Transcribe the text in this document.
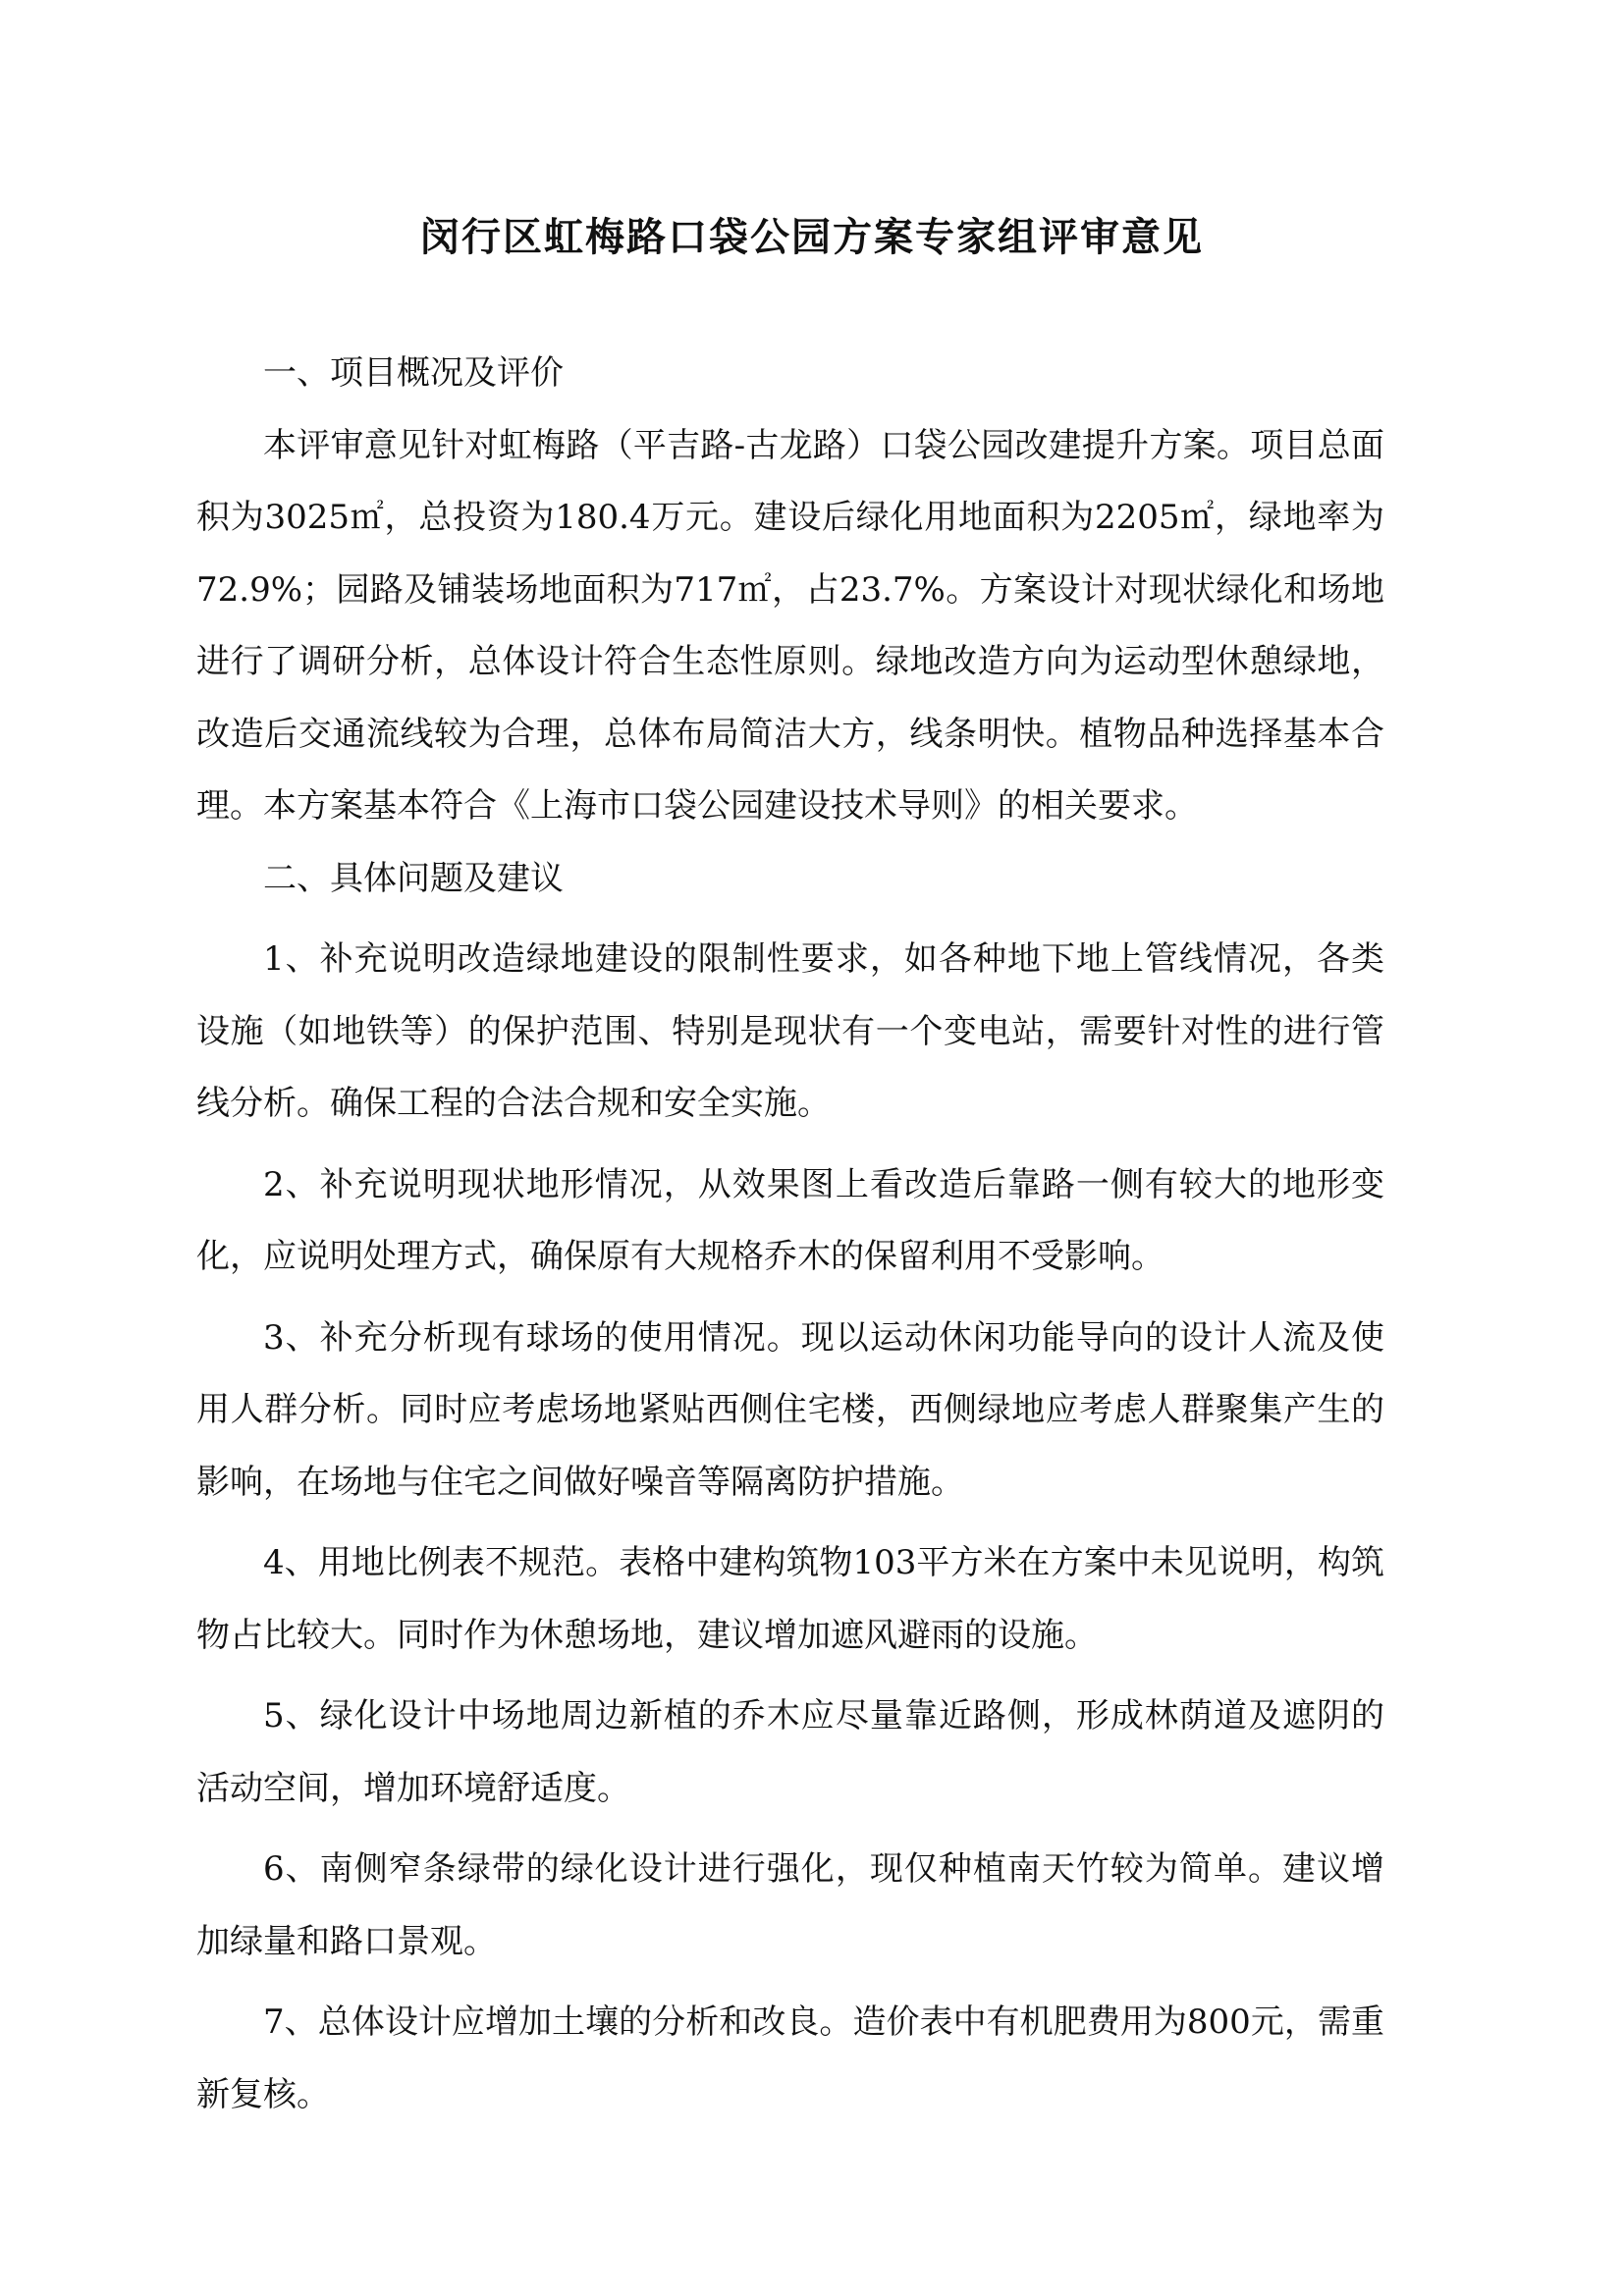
闵行区虹梅路口袋公园方案专家组评审意见

一、项目概况及评价

本评审意见针对虹梅路（平吉路-古龙路）口袋公园改建提升方案。项目总面积为3025㎡，总投资为180.4万元。建设后绿化用地面积为2205㎡，绿地率为72.9%；园路及铺装场地面积为717㎡，占23.7%。方案设计对现状绿化和场地进行了调研分析，总体设计符合生态性原则。绿地改造方向为运动型休憩绿地，改造后交通流线较为合理，总体布局简洁大方，线条明快。植物品种选择基本合理。本方案基本符合《上海市口袋公园建设技术导则》的相关要求。

二、具体问题及建议

1、补充说明改造绿地建设的限制性要求，如各种地下地上管线情况，各类设施（如地铁等）的保护范围、特别是现状有一个变电站，需要针对性的进行管线分析。确保工程的合法合规和安全实施。

2、补充说明现状地形情况，从效果图上看改造后靠路一侧有较大的地形变化，应说明处理方式，确保原有大规格乔木的保留利用不受影响。

3、补充分析现有球场的使用情况。现以运动休闲功能导向的设计人流及使用人群分析。同时应考虑场地紧贴西侧住宅楼，西侧绿地应考虑人群聚集产生的影响，在场地与住宅之间做好噪音等隔离防护措施。

4、用地比例表不规范。表格中建构筑物103平方米在方案中未见说明，构筑物占比较大。同时作为休憩场地，建议增加遮风避雨的设施。

5、绿化设计中场地周边新植的乔木应尽量靠近路侧，形成林荫道及遮阴的活动空间，增加环境舒适度。

6、南侧窄条绿带的绿化设计进行强化，现仅种植南天竹较为简单。建议增加绿量和路口景观。

7、总体设计应增加土壤的分析和改良。造价表中有机肥费用为800元，需重新复核。
